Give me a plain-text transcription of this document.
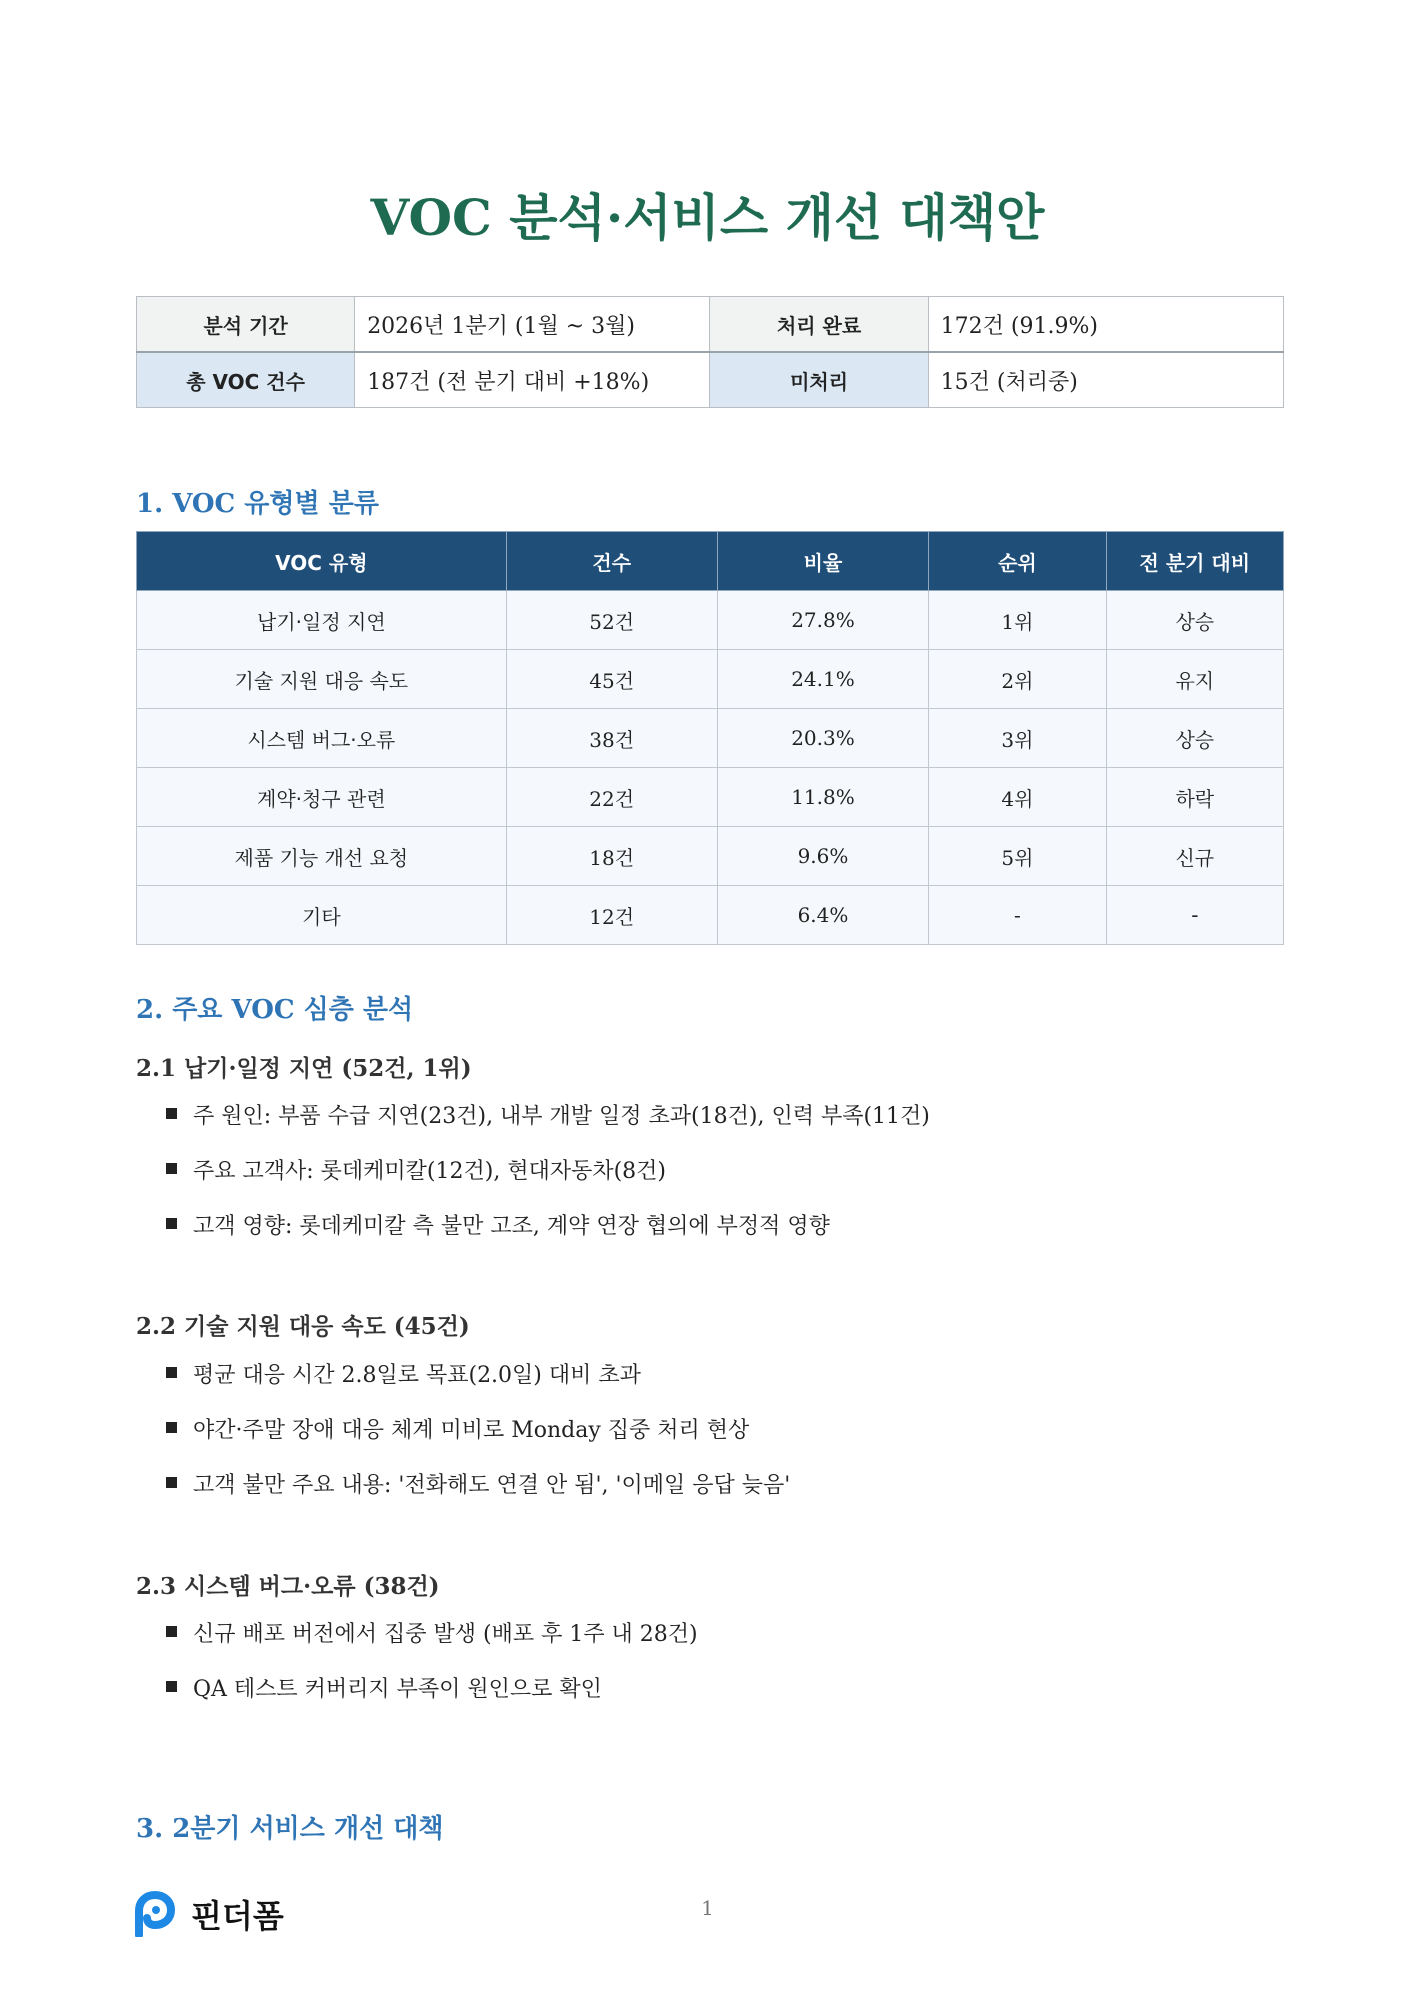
VOC 분석·서비스 개선 대책안
분석 기간	2026년 1분기 (1월 ~ 3월)	처리 완료	172건 (91.9%)
총 VOC 건수	187건 (전 분기 대비 +18%)	미처리	15건 (처리중)
1. VOC 유형별 분류
VOC 유형	건수	비율	순위	전 분기 대비
납기·일정 지연	52건	27.8%	1위	상승
기술 지원 대응 속도	45건	24.1%	2위	유지
시스템 버그·오류	38건	20.3%	3위	상승
계약·청구 관련	22건	11.8%	4위	하락
제품 기능 개선 요청	18건	9.6%	5위	신규
기타	12건	6.4%	-	-
2. 주요 VOC 심층 분석
2.1 납기·일정 지연 (52건, 1위)
주 원인: 부품 수급 지연(23건), 내부 개발 일정 초과(18건), 인력 부족(11건)
주요 고객사: 롯데케미칼(12건), 현대자동차(8건)
고객 영향: 롯데케미칼 측 불만 고조, 계약 연장 협의에 부정적 영향
2.2 기술 지원 대응 속도 (45건)
평균 대응 시간 2.8일로 목표(2.0일) 대비 초과
야간·주말 장애 대응 체계 미비로 Monday 집중 처리 현상
고객 불만 주요 내용: '전화해도 연결 안 됨', '이메일 응답 늦음'
2.3 시스템 버그·오류 (38건)
신규 배포 버전에서 집중 발생 (배포 후 1주 내 28건)
QA 테스트 커버리지 부족이 원인으로 확인
3. 2분기 서비스 개선 대책
핀더폼	1
